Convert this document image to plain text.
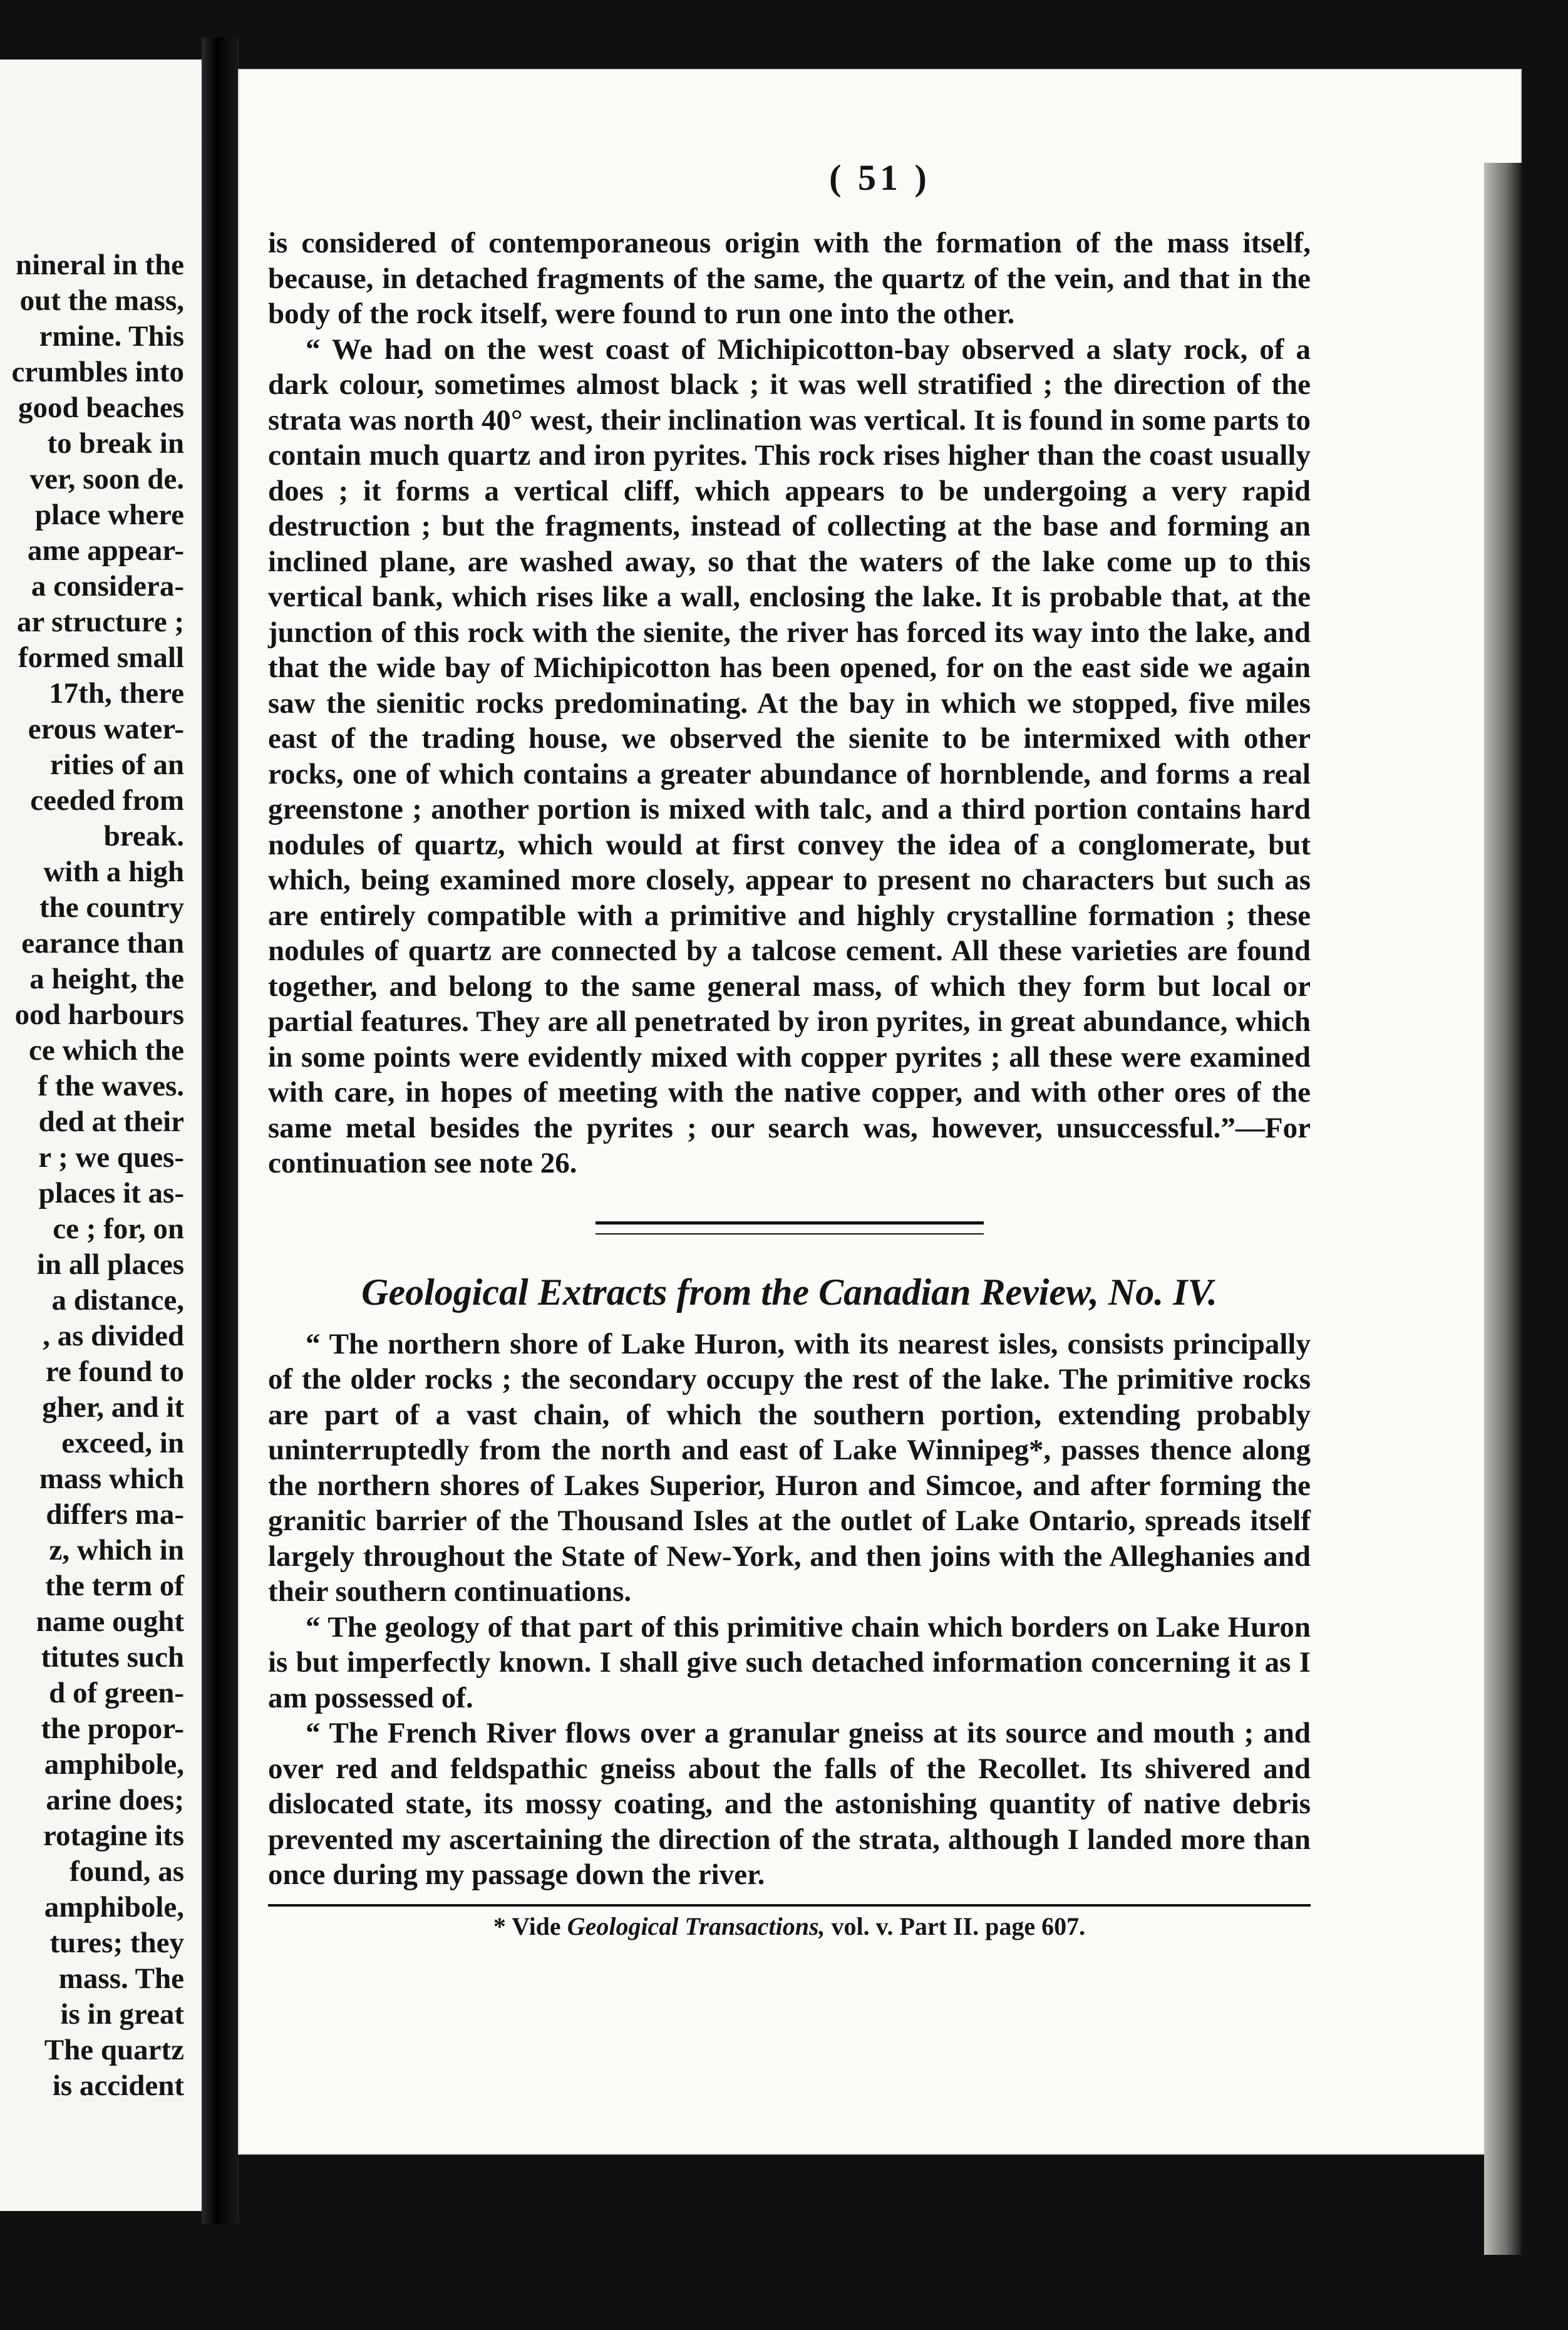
nineral in the
out the mass,
rmine. This
crumbles into
good beaches
to break in
ver, soon de.
place where
ame appear-
a considera-
ar structure ;
formed small
17th, there
erous water-
rities of an
ceeded from
break.
with a high
the country
earance than
a height, the
ood harbours
ce which the
f the waves.
ded at their
r ; we ques-
places it as-
ce ; for, on
in all places
a distance,
, as divided
re found to
gher, and it
exceed, in
mass which
differs ma-
z, which in
the term of
name ought
titutes such
d of green-
the propor-
amphibole,
arine does;
rotagine its
found, as
amphibole,
tures; they
mass. The
is in great
The quartz
is accident
( 51 )

is considered of contemporaneous origin with the formation of the mass itself, because, in detached fragments of the same, the quartz of the vein, and that in the body of the rock itself, were found to run one into the other.

“ We had on the west coast of Michipicotton-bay observed a slaty rock, of a dark colour, sometimes almost black ; it was well stratified ; the direction of the strata was north 40° west, their inclination was vertical. It is found in some parts to contain much quartz and iron pyrites. This rock rises higher than the coast usually does ; it forms a vertical cliff, which appears to be undergoing a very rapid destruction ; but the fragments, instead of collecting at the base and forming an inclined plane, are washed away, so that the waters of the lake come up to this vertical bank, which rises like a wall, enclosing the lake. It is probable that, at the junction of this rock with the sienite, the river has forced its way into the lake, and that the wide bay of Michipicotton has been opened, for on the east side we again saw the sienitic rocks predominating. At the bay in which we stopped, five miles east of the trading house, we observed the sienite to be intermixed with other rocks, one of which contains a greater abundance of hornblende, and forms a real greenstone ; another portion is mixed with talc, and a third portion contains hard nodules of quartz, which would at first convey the idea of a conglomerate, but which, being examined more closely, appear to present no characters but such as are entirely compatible with a primitive and highly crystalline formation ; these nodules of quartz are connected by a talcose cement. All these varieties are found together, and belong to the same general mass, of which they form but local or partial features. They are all penetrated by iron pyrites, in great abundance, which in some points were evidently mixed with copper pyrites ; all these were examined with care, in hopes of meeting with the native copper, and with other ores of the same metal besides the pyrites ; our search was, however, unsuccessful.”—For continuation see note 26.

Geological Extracts from the Canadian Review, No. IV.

“ The northern shore of Lake Huron, with its nearest isles, consists principally of the older rocks ; the secondary occupy the rest of the lake. The primitive rocks are part of a vast chain, of which the southern portion, extending probably uninterruptedly from the north and east of Lake Winnipeg*, passes thence along the northern shores of Lakes Superior, Huron and Simcoe, and after forming the granitic barrier of the Thousand Isles at the outlet of Lake Ontario, spreads itself largely throughout the State of New-York, and then joins with the Alleghanies and their southern continuations.

“ The geology of that part of this primitive chain which borders on Lake Huron is but imperfectly known. I shall give such detached information concerning it as I am possessed of.

“ The French River flows over a granular gneiss at its source and mouth ; and over red and feldspathic gneiss about the falls of the Recollet. Its shivered and dislocated state, its mossy coating, and the astonishing quantity of native debris prevented my ascertaining the direction of the strata, although I landed more than once during my passage down the river.

* Vide Geological Transactions, vol. v. Part II. page 607.
